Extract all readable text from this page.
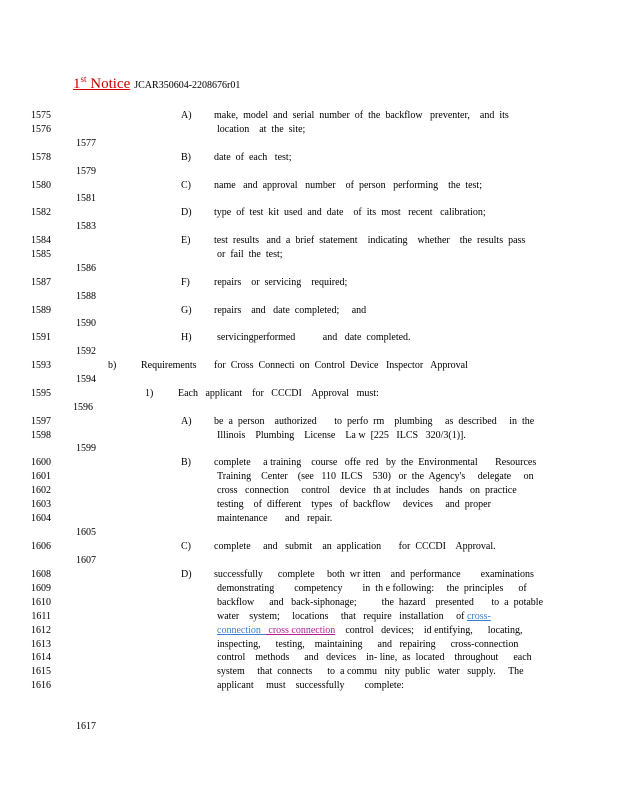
1st Notice JCAR350604-2208676r01
1575
1576
1577
1578
1579
1580
1581
1582
1583
1584
1585
1586
1587
1588
1589
1590
1591
1592
1593
1594
1595
1596
1597
1598
1599
1600
1601
1602
1603
1604
1605
1606
1607
1608
1609
1610
1611
1612
1613
1614
1615
1616
1617
A) make,  model  and  serial  number  of  the  backflow   preventer,    and  its
location    at  the  site;
B) date  of  each   test;
C) name   and  approval   number    of  person   performing    the  test;
D) type  of  test  kit  used  and  date    of  its  most   recent   calibration;
E) test  results   and  a  brief  statement    indicating    whether    the  results  pass
or  fail  the  test;
F) repairs    or  servicing    required;
G) repairs    and   date  completed;     and
H)	servicingperformed           and   date  completed.
b) Requirements       for  Cross  Connecti  on  Control  Device   Inspector   Approval
1) Each   applicant    for   CCCDI    Approval   must:
A) be  a  person    authorized       to  perfo  rm    plumbing     as  described     in  the
Illinois    Plumbing    License    La w  [225   ILCS   320/3(1)].
B) complete     a training    course   offe  red   by  the  Environmental       Resources
Training    Center    (see   110  ILCS    530)   or  the  Agency's     delegate     on
cross   connection     control    device   th at  includes    hands   on  practice
testing    of  different    types   of  backflow     devices     and  proper
maintenance       and   repair.
C) complete     and   submit    an  application       for  CCCDI    Approval.
D) successfully      complete     both  wr itten    and  performance        examinations
demonstrating        competency        in  th e following:     the  principles      of
backflow      and   back-siphonage;          the  hazard    presented       to  a  potable
water    system;     locations     that   require   installation     of cross-
connection   cross connection    control   devices;    id entifying,      locating,
inspecting,      testing,    maintaining      and   repairing      cross-connection
control    methods      and   devices    in- line,  as  located    throughout      each
system     that  connects      to  a commu   nity  public   water   supply.     The
applicant     must    successfully        complete:
